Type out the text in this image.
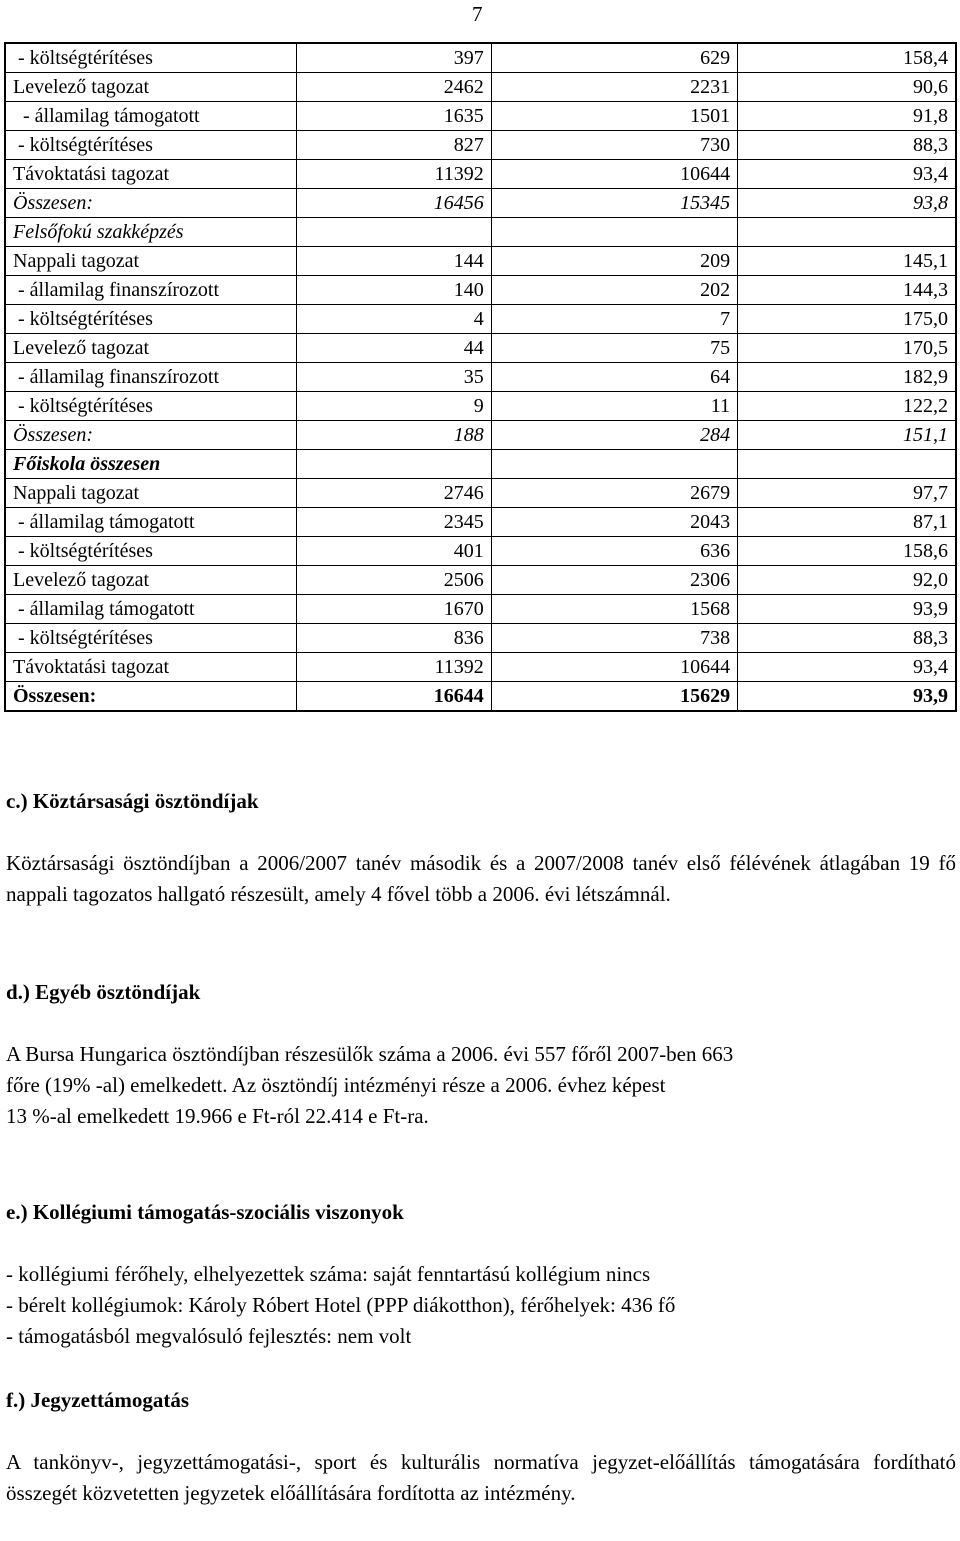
7
- költségtérítéses	397	629	158,4
Levelező tagozat	2462	2231	90,6
- államilag támogatott	1635	1501	91,8
- költségtérítéses	827	730	88,3
Távoktatási tagozat	11392	10644	93,4
Összesen:	16456	15345	93,8
Felsőfokú szakképzés			
Nappali tagozat	144	209	145,1
- államilag finanszírozott	140	202	144,3
- költségtérítéses	4	7	175,0
Levelező tagozat	44	75	170,5
- államilag finanszírozott	35	64	182,9
- költségtérítéses	9	11	122,2
Összesen:	188	284	151,1
Főiskola összesen			
Nappali tagozat	2746	2679	97,7
- államilag támogatott	2345	2043	87,1
- költségtérítéses	401	636	158,6
Levelező tagozat	2506	2306	92,0
- államilag támogatott	1670	1568	93,9
- költségtérítéses	836	738	88,3
Távoktatási tagozat	11392	10644	93,4
Összesen:	16644	15629	93,9
c.) Köztársasági ösztöndíjak
Köztársasági ösztöndíjban a 2006/2007 tanév második és a 2007/2008 tanév első félévének átlagában 19 fő nappali tagozatos hallgató részesült, amely 4 fővel több a 2006. évi létszámnál.
d.) Egyéb ösztöndíjak
A Bursa Hungarica ösztöndíjban részesülők száma a 2006. évi 557 főről 2007-ben 663
főre (19% -al) emelkedett. Az ösztöndíj intézményi része a 2006. évhez képest
13 %-al emelkedett 19.966 e Ft-ról 22.414 e Ft-ra.
e.) Kollégiumi támogatás-szociális viszonyok
- kollégiumi férőhely, elhelyezettek száma: saját fenntartású kollégium nincs
- bérelt kollégiumok: Károly Róbert Hotel (PPP diákotthon), férőhelyek: 436 fő
- támogatásból megvalósuló fejlesztés: nem volt
f.) Jegyzettámogatás
A tankönyv-, jegyzettámogatási-, sport és kulturális normatíva jegyzet-előállítás támogatására fordítható összegét közvetetten jegyzetek előállítására fordította az intézmény.
